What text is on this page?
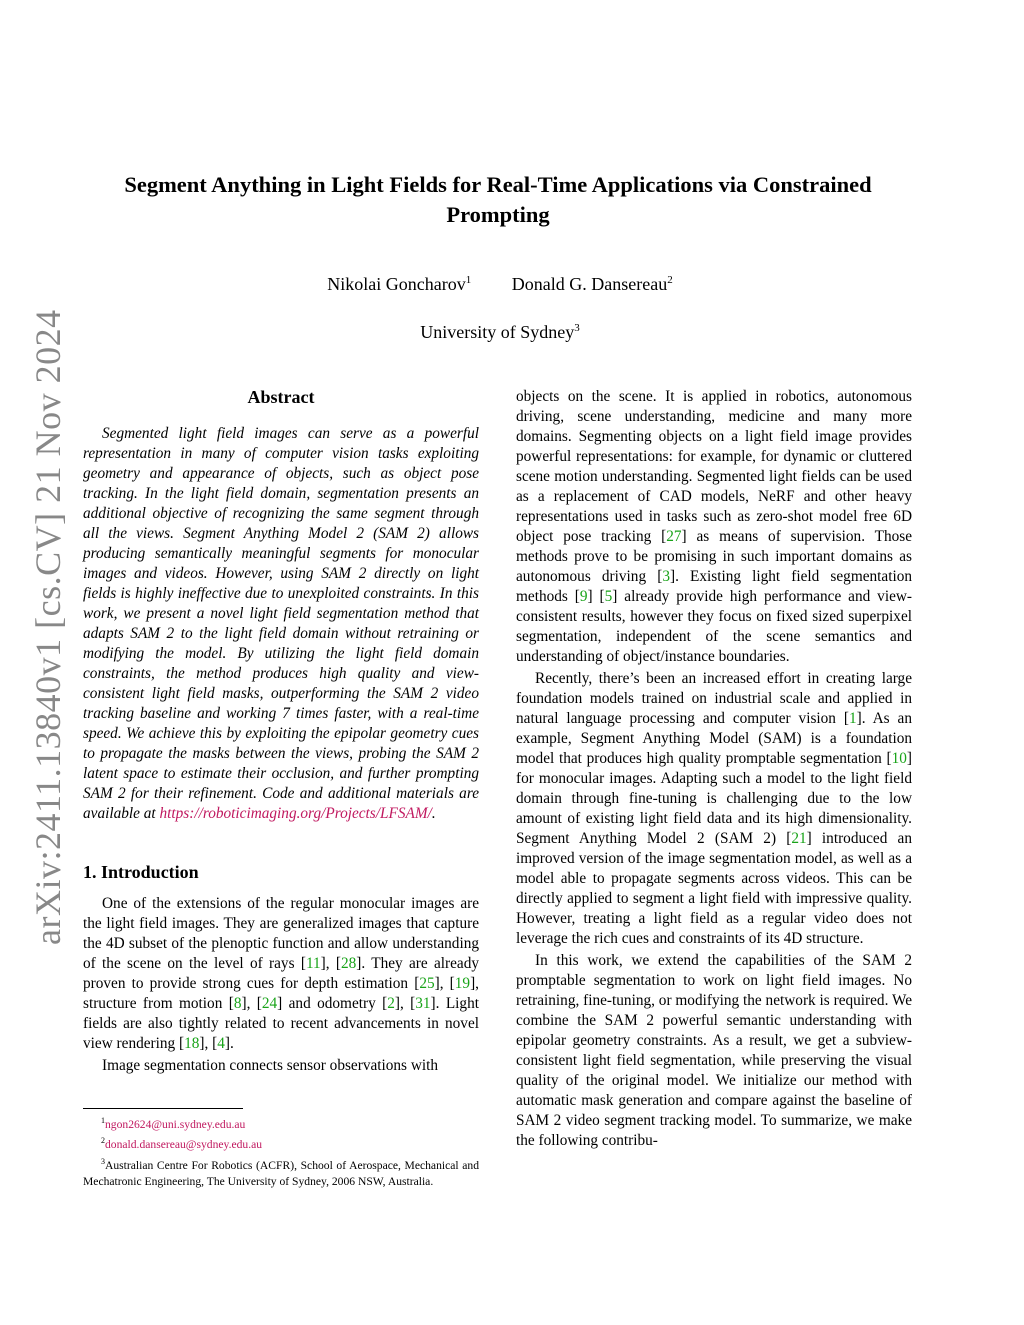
arXiv:2411.13840v1 [cs.CV] 21 Nov 2024
Segment Anything in Light Fields for Real-Time Applications via Constrained Prompting
Nikolai Goncharov$^1$ Donald G. Dansereau$^2$
University of Sydney$^3$
Abstract

Segmented light field images can serve as a powerful representation in many of computer vision tasks exploiting geometry and appearance of objects, such as object pose tracking. In the light field domain, segmentation presents an additional objective of recognizing the same segment through all the views. Segment Anything Model 2 (SAM 2) allows producing semantically meaningful segments for monocular images and videos. However, using SAM 2 directly on light fields is highly ineffective due to unexploited constraints. In this work, we present a novel light field segmentation method that adapts SAM 2 to the light field domain without retraining or modifying the model. By utilizing the light field domain constraints, the method produces high quality and view-consistent light field masks, outperforming the SAM 2 video tracking baseline and working 7 times faster, with a real-time speed. We achieve this by exploiting the epipolar geometry cues to propagate the masks between the views, probing the SAM 2 latent space to estimate their occlusion, and further prompting SAM 2 for their refinement. Code and additional materials are available at https://roboticimaging.org/Projects/LFSAM/.

1. Introduction

One of the extensions of the regular monocular images are the light field images. They are generalized images that capture the 4D subset of the plenoptic function and allow understanding of the scene on the level of rays [11], [28]. They are already proven to provide strong cues for depth estimation [25], [19], structure from motion [8], [24] and odometry [2], [31]. Light fields are also tightly related to recent advancements in novel view rendering [18], [4].

Image segmentation connects sensor observations with

$^1$ngon2624@uni.sydney.edu.au

$^2$donald.dansereau@sydney.edu.au

$^3$Australian Centre For Robotics (ACFR), School of Aerospace, Mechanical and Mechatronic Engineering, The University of Sydney, 2006 NSW, Australia.

objects on the scene. It is applied in robotics, autonomous driving, scene understanding, medicine and many more domains. Segmenting objects on a light field image provides powerful representations: for example, for dynamic or cluttered scene motion understanding. Segmented light fields can be used as a replacement of CAD models, NeRF and other heavy representations used in tasks such as zero-shot model free 6D object pose tracking [27] as means of supervision. Those methods prove to be promising in such important domains as autonomous driving [3]. Existing light field segmentation methods [9] [5] already provide high performance and view-consistent results, however they focus on fixed sized superpixel segmentation, independent of the scene semantics and understanding of object/instance boundaries.

Recently, there’s been an increased effort in creating large foundation models trained on industrial scale and applied in natural language processing and computer vision [1]. As an example, Segment Anything Model (SAM) is a foundation model that produces high quality promptable segmentation [10] for monocular images. Adapting such a model to the light field domain through fine-tuning is challenging due to the low amount of existing light field data and its high dimensionality. Segment Anything Model 2 (SAM 2) [21] introduced an improved version of the image segmentation model, as well as a model able to propagate segments across videos. This can be directly applied to segment a light field with impressive quality. However, treating a light field as a regular video does not leverage the rich cues and constraints of its 4D structure.

In this work, we extend the capabilities of the SAM 2 promptable segmentation to work on light field images. No retraining, fine-tuning, or modifying the network is required. We combine the SAM 2 powerful semantic understanding with epipolar geometry constraints. As a result, we get a subview-consistent light field segmentation, while preserving the visual quality of the original model. We initialize our method with automatic mask generation and compare against the baseline of SAM 2 video segment tracking model. To summarize, we make the following contribu-
